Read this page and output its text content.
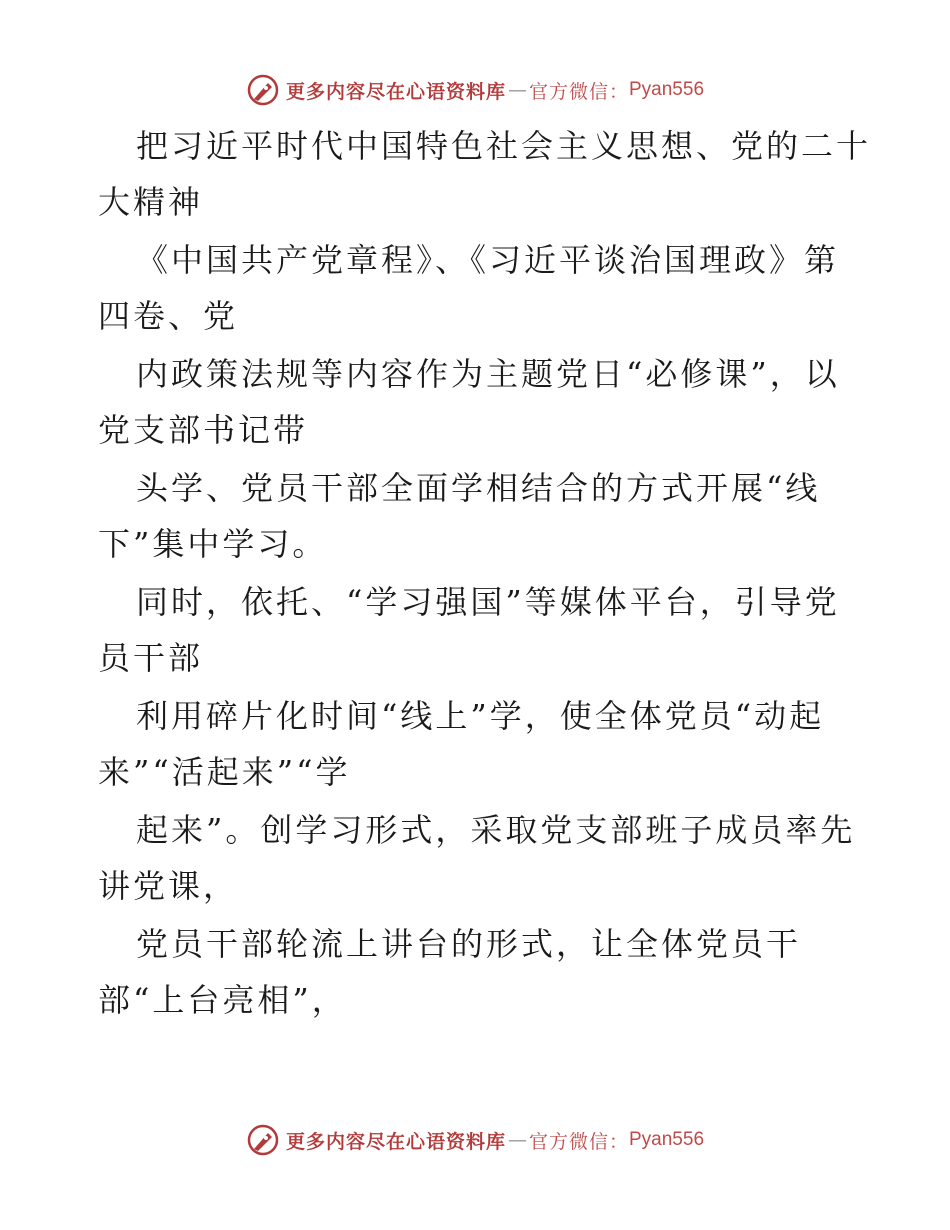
更多内容尽在心语资料库 — 官方微信： Pyan556

把习近平时代中国特色社会主义思想、党的二十
大精神

《中国共产党章程》、《习近平谈治国理政》第
四卷、党

内政策法规等内容作为主题党日“必修课”，以
党支部书记带

头学、党员干部全面学相结合的方式开展“线
下”集中学习。

同时，依托、“学习强国”等媒体平台，引导党
员干部

利用碎片化时间“线上”学，使全体党员“动起
来”“活起来”“学

起来”。创学习形式，采取党支部班子成员率先
讲党课，

党员干部轮流上讲台的形式，让全体党员干
部“上台亮相”，

更多内容尽在心语资料库 — 官方微信： Pyan556
